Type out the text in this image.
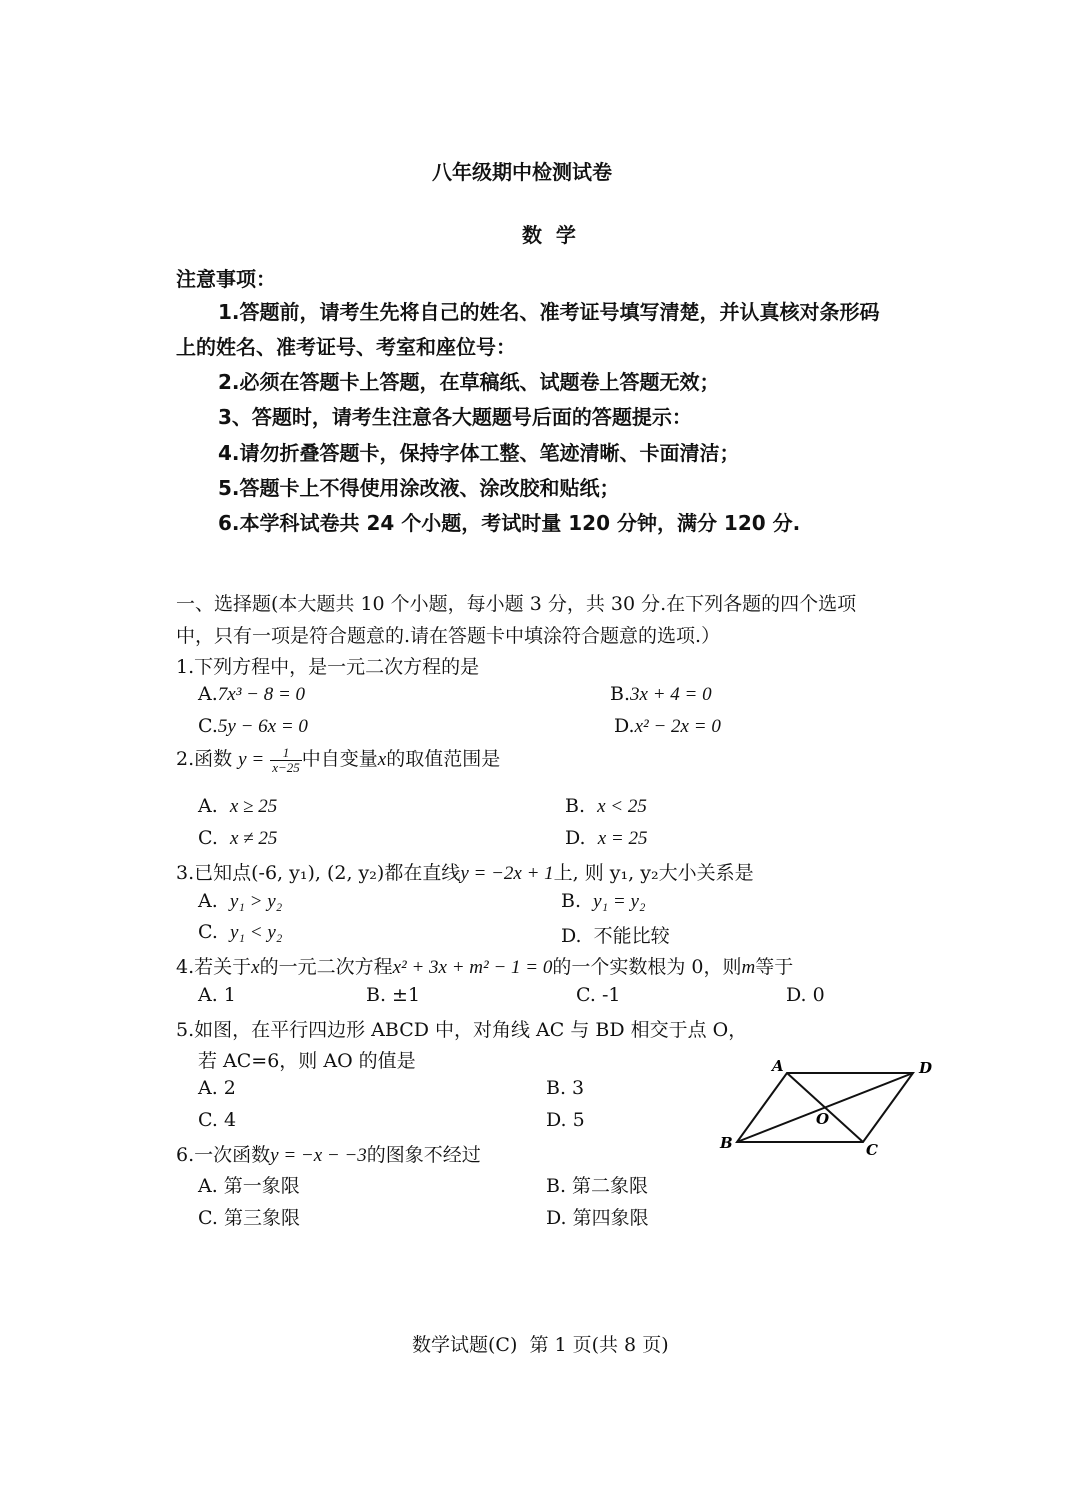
八年级期中检测试卷
数  学
注意事项：
1.答题前，请考生先将自己的姓名、准考证号填写清楚，并认真核对条形码
上的姓名、准考证号、考室和座位号：
2.必须在答题卡上答题，在草稿纸、试题卷上答题无效；
3、答题时，请考生注意各大题题号后面的答题提示：
4.请勿折叠答题卡，保持字体工整、笔迹清晰、卡面清洁；
5.答题卡上不得使用涂改液、涂改胶和贴纸；
6.本学科试卷共 24 个小题，考试时量 120 分钟，满分 120 分.
一、选择题(本大题共 10 个小题，每小题 3 分，共 30 分.在下列各题的四个选项
中，只有一项是符合题意的.请在答题卡中填涂符合题意的选项.）
1.下列方程中，是一元二次方程的是
A.7x³ − 8 = 0	B.3x + 4 = 0
C.5y − 6x = 0	D.x² − 2x = 0
2.函数 $y = \frac{1}{x-25}$ 中自变量x的取值范围是
A. x ≥ 25	B. x < 25
C. x ≠ 25	D. x = 25
3.已知点(-6, y₁), (2, y₂)都在直线y = −2x + 1上, 则 y₁, y₂大小关系是
A. y₁ > y₂	B. y₁ = y₂
C. y₁ < y₂	D.  不能比较
4.若关于x的一元二次方程x² + 3x + m² − 1 = 0的一个实数根为 0，则m等于
A. 1	B. ±1	C. -1	D. 0
5.如图，在平行四边形 ABCD 中，对角线 AC 与 BD 相交于点 O，
若 AC=6，则 AO 的值是
A. 2	B. 3
C. 4	D. 5
A	D
B	C
O
6.一次函数y = −x − −3的图象不经过
A. 第一象限	B. 第二象限
C. 第三象限	D. 第四象限
数学试题(C)  第 1 页(共 8 页)
